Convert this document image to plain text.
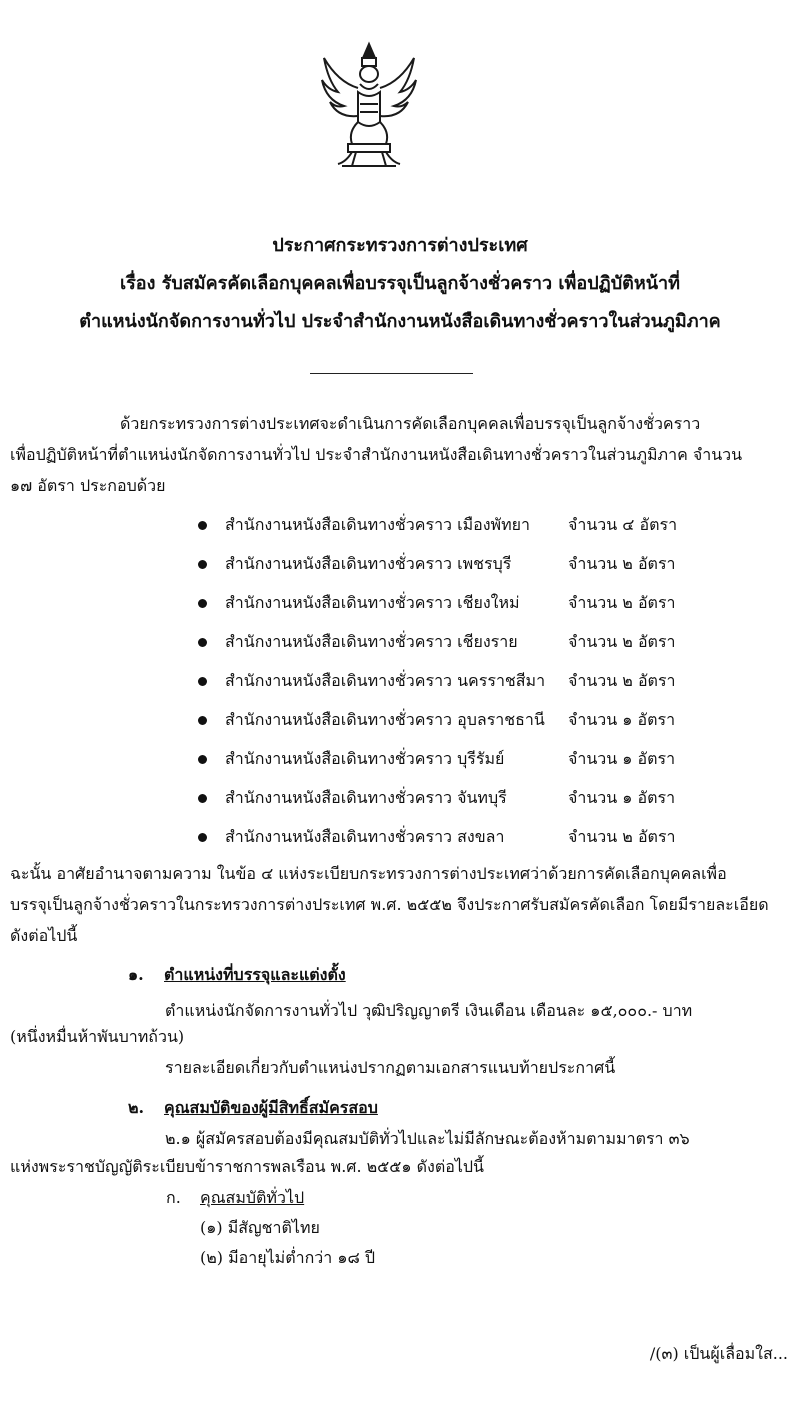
ประกาศกระทรวงการต่างประเทศ
เรื่อง รับสมัครคัดเลือกบุคคลเพื่อบรรจุเป็นลูกจ้างชั่วคราว เพื่อปฏิบัติหน้าที่
ตำแหน่งนักจัดการงานทั่วไป ประจำสำนักงานหนังสือเดินทางชั่วคราวในส่วนภูมิภาค
ด้วยกระทรวงการต่างประเทศจะดำเนินการคัดเลือกบุคคลเพื่อบรรจุเป็นลูกจ้างชั่วคราว
เพื่อปฏิบัติหน้าที่ตำแหน่งนักจัดการงานทั่วไป ประจำสำนักงานหนังสือเดินทางชั่วคราวในส่วนภูมิภาค จำนวน
๑๗ อัตรา ประกอบด้วย
สำนักงานหนังสือเดินทางชั่วคราว เมืองพัทยา จำนวน ๔ อัตรา
สำนักงานหนังสือเดินทางชั่วคราว เพชรบุรี	จำนวน ๒ อัตรา
สำนักงานหนังสือเดินทางชั่วคราว เชียงใหม่	จำนวน ๒ อัตรา
สำนักงานหนังสือเดินทางชั่วคราว เชียงราย	จำนวน ๒ อัตรา
สำนักงานหนังสือเดินทางชั่วคราว นครราชสีมา จำนวน ๒ อัตรา
สำนักงานหนังสือเดินทางชั่วคราว อุบลราชธานี จำนวน ๑ อัตรา
สำนักงานหนังสือเดินทางชั่วคราว บุรีรัมย์	จำนวน ๑ อัตรา
สำนักงานหนังสือเดินทางชั่วคราว จันทบุรี	จำนวน ๑ อัตรา
สำนักงานหนังสือเดินทางชั่วคราว สงขลา	จำนวน ๒ อัตรา
ฉะนั้น อาศัยอำนาจตามความ ในข้อ ๔ แห่งระเบียบกระทรวงการต่างประเทศว่าด้วยการคัดเลือกบุคคลเพื่อ
บรรจุเป็นลูกจ้างชั่วคราวในกระทรวงการต่างประเทศ พ.ศ. ๒๕๕๒ จึงประกาศรับสมัครคัดเลือก โดยมีรายละเอียด
ดังต่อไปนี้
๑. ตำแหน่งที่บรรจุและแต่งตั้ง
ตำแหน่งนักจัดการงานทั่วไป วุฒิปริญญาตรี เงินเดือน เดือนละ ๑๕,๐๐๐.- บาท
(หนึ่งหมื่นห้าพันบาทถ้วน)
รายละเอียดเกี่ยวกับตำแหน่งปรากฏตามเอกสารแนบท้ายประกาศนี้
๒. คุณสมบัติของผู้มีสิทธิ์สมัครสอบ
๒.๑ ผู้สมัครสอบต้องมีคุณสมบัติทั่วไปและไม่มีลักษณะต้องห้ามตามมาตรา ๓๖
แห่งพระราชบัญญัติระเบียบข้าราชการพลเรือน พ.ศ. ๒๕๕๑ ดังต่อไปนี้
ก. คุณสมบัติทั่วไป
(๑) มีสัญชาติไทย
(๒) มีอายุไม่ต่ำกว่า ๑๘ ปี
/(๓) เป็นผู้เลื่อมใส...
